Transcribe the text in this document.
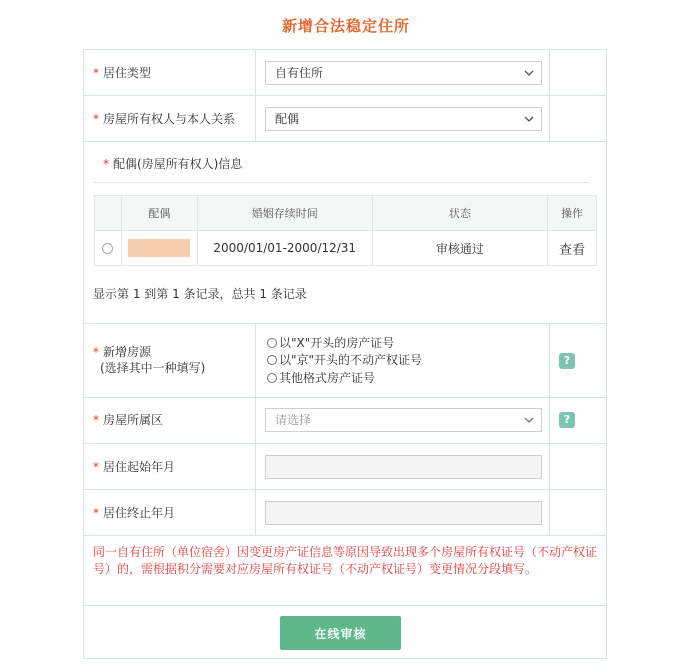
新增合法稳定住所
* 居住类型	自有住所
* 房屋所有权人与本人关系	配偶
* 配偶(房屋所有权人)信息
	配偶	婚姻存续时间	状态	操作
		2000/01/01-2000/12/31	审核通过	查看
显示第 1 到第 1 条记录，总共 1 条记录
* 新增房源
(选择其中一种填写)
以"X"开头的房产证号
以"京"开头的不动产权证号
其他格式房产证号
?
* 房屋所属区	请选择	?
* 居住起始年月
* 居住终止年月
同一自有住所（单位宿舍）因变更房产证信息等原因导致出现多个房屋所有权证号（不动产权证号）的，需根据积分需要对应房屋所有权证号（不动产权证号）变更情况分段填写。
在线审核
